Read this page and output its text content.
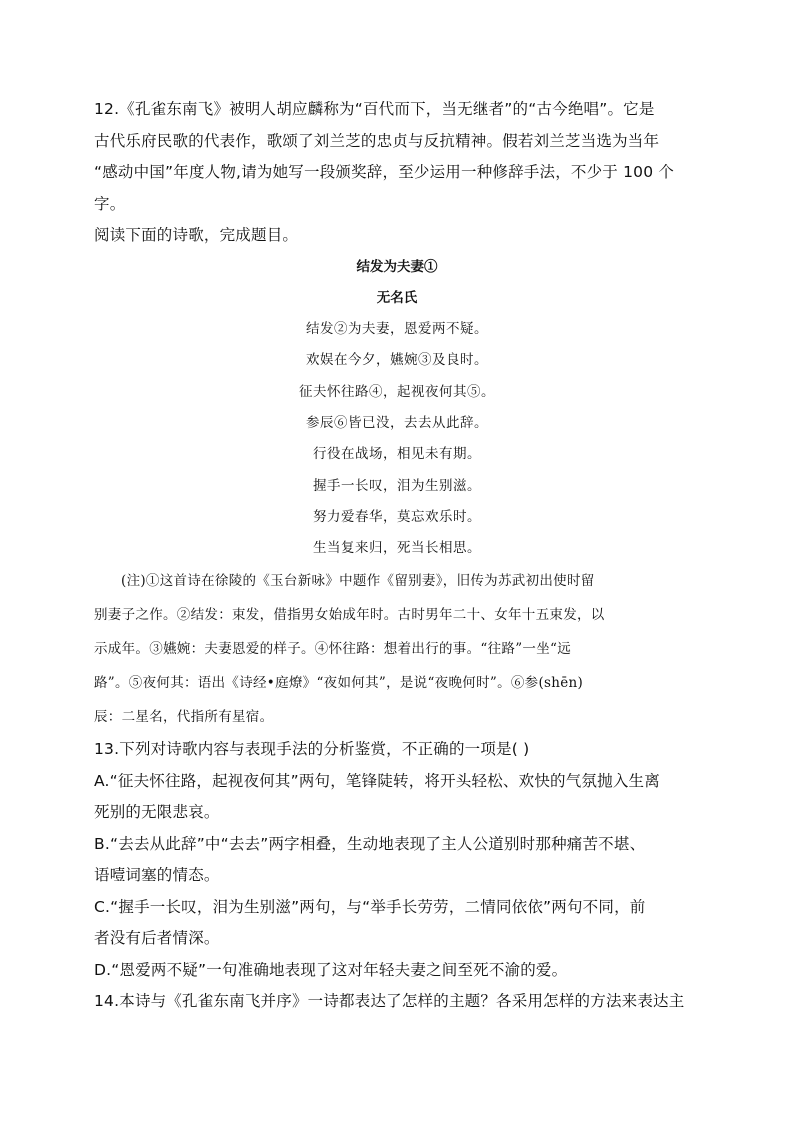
12.《孔雀东南飞》被明人胡应麟称为“百代而下，当无继者”的“古今绝唱”。它是

古代乐府民歌的代表作，歌颂了刘兰芝的忠贞与反抗精神。假若刘兰芝当选为当年

“感动中国”年度人物,请为她写一段颁奖辞，至少运用一种修辞手法，不少于 100 个

字。

阅读下面的诗歌，完成题目。

结发为夫妻①

无名氏

结发②为夫妻，恩爱两不疑。

欢娱在今夕，嬿婉③及良时。

征夫怀往路④，起视夜何其⑤。

参辰⑥皆已没，去去从此辞。

行役在战场，相见未有期。

握手一长叹，泪为生别滋。

努力爱春华，莫忘欢乐时。

生当复来归，死当长相思。

(注)①这首诗在徐陵的《玉台新咏》中题作《留别妻》，旧传为苏武初出使时留

别妻子之作。②结发：束发，借指男女始成年时。古时男年二十、女年十五束发，以

示成年。③嬿婉：夫妻恩爱的样子。④怀往路：想着出行的事。“往路”一坐“远

路”。⑤夜何其：语出《诗经•庭燎》“夜如何其”，是说“夜晚何时”。⑥参(shēn)

辰：二星名，代指所有星宿。

13.下列对诗歌内容与表现手法的分析鉴赏，不正确的一项是( )

A.“征夫怀往路，起视夜何其”两句，笔锋陡转，将开头轻松、欢快的气氛抛入生离

死别的无限悲哀。

B.“去去从此辞”中“去去”两字相叠，生动地表现了主人公道别时那种痛苦不堪、

语噎词塞的情态。

C.“握手一长叹，泪为生别滋”两句，与“举手长劳劳，二情同依依”两句不同，前

者没有后者情深。

D.“恩爱两不疑”一句准确地表现了这对年轻夫妻之间至死不渝的爱。

14.本诗与《孔雀东南飞并序》一诗都表达了怎样的主题？各采用怎样的方法来表达主
